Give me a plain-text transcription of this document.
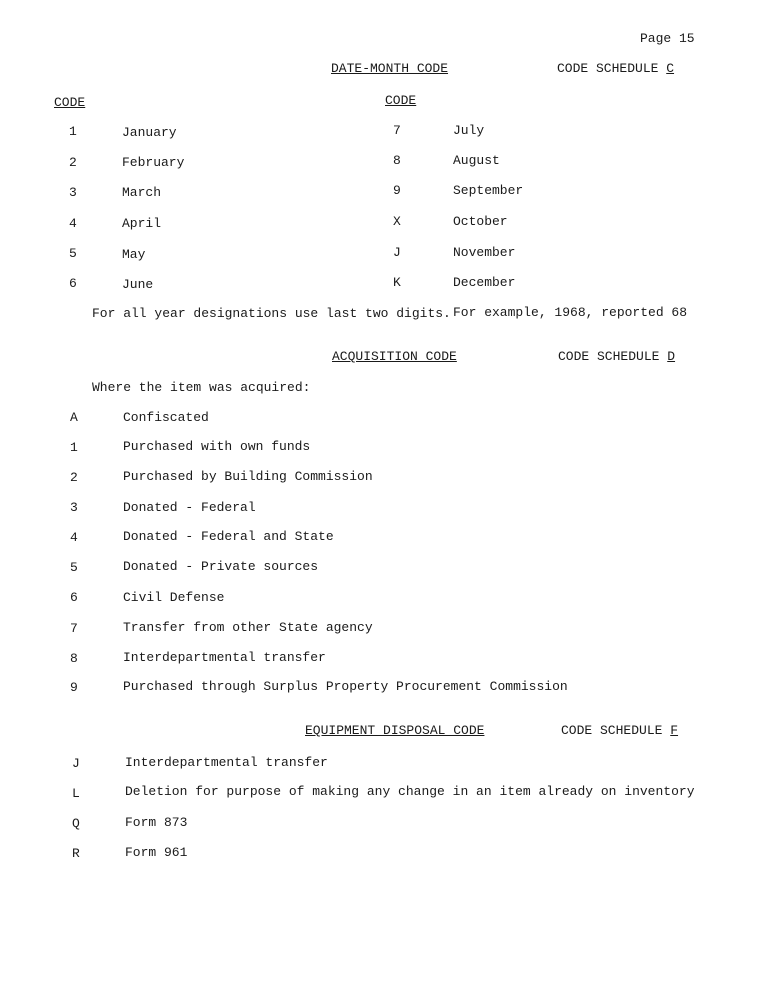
Page 15
DATE-MONTH CODE	CODE SCHEDULE C
CODE	CODE
1	January
2	February
3	March
4	April
5	May
6	June
7	July
8	August
9	September
X	October
J	November
K	December
For all year designations use last two digits. For example, 1968, reported 68
ACQUISITION CODE	CODE SCHEDULE D
Where the item was acquired:
A	Confiscated
1	Purchased with own funds
2	Purchased by Building Commission
3	Donated - Federal
4	Donated - Federal and State
5	Donated - Private sources
6	Civil Defense
7	Transfer from other State agency
8	Interdepartmental transfer
9	Purchased through Surplus Property Procurement Commission
EQUIPMENT DISPOSAL CODE	CODE SCHEDULE F
J	Interdepartmental transfer
L	Deletion for purpose of making any change in an item already on inventory
Q	Form 873
R	Form 961
